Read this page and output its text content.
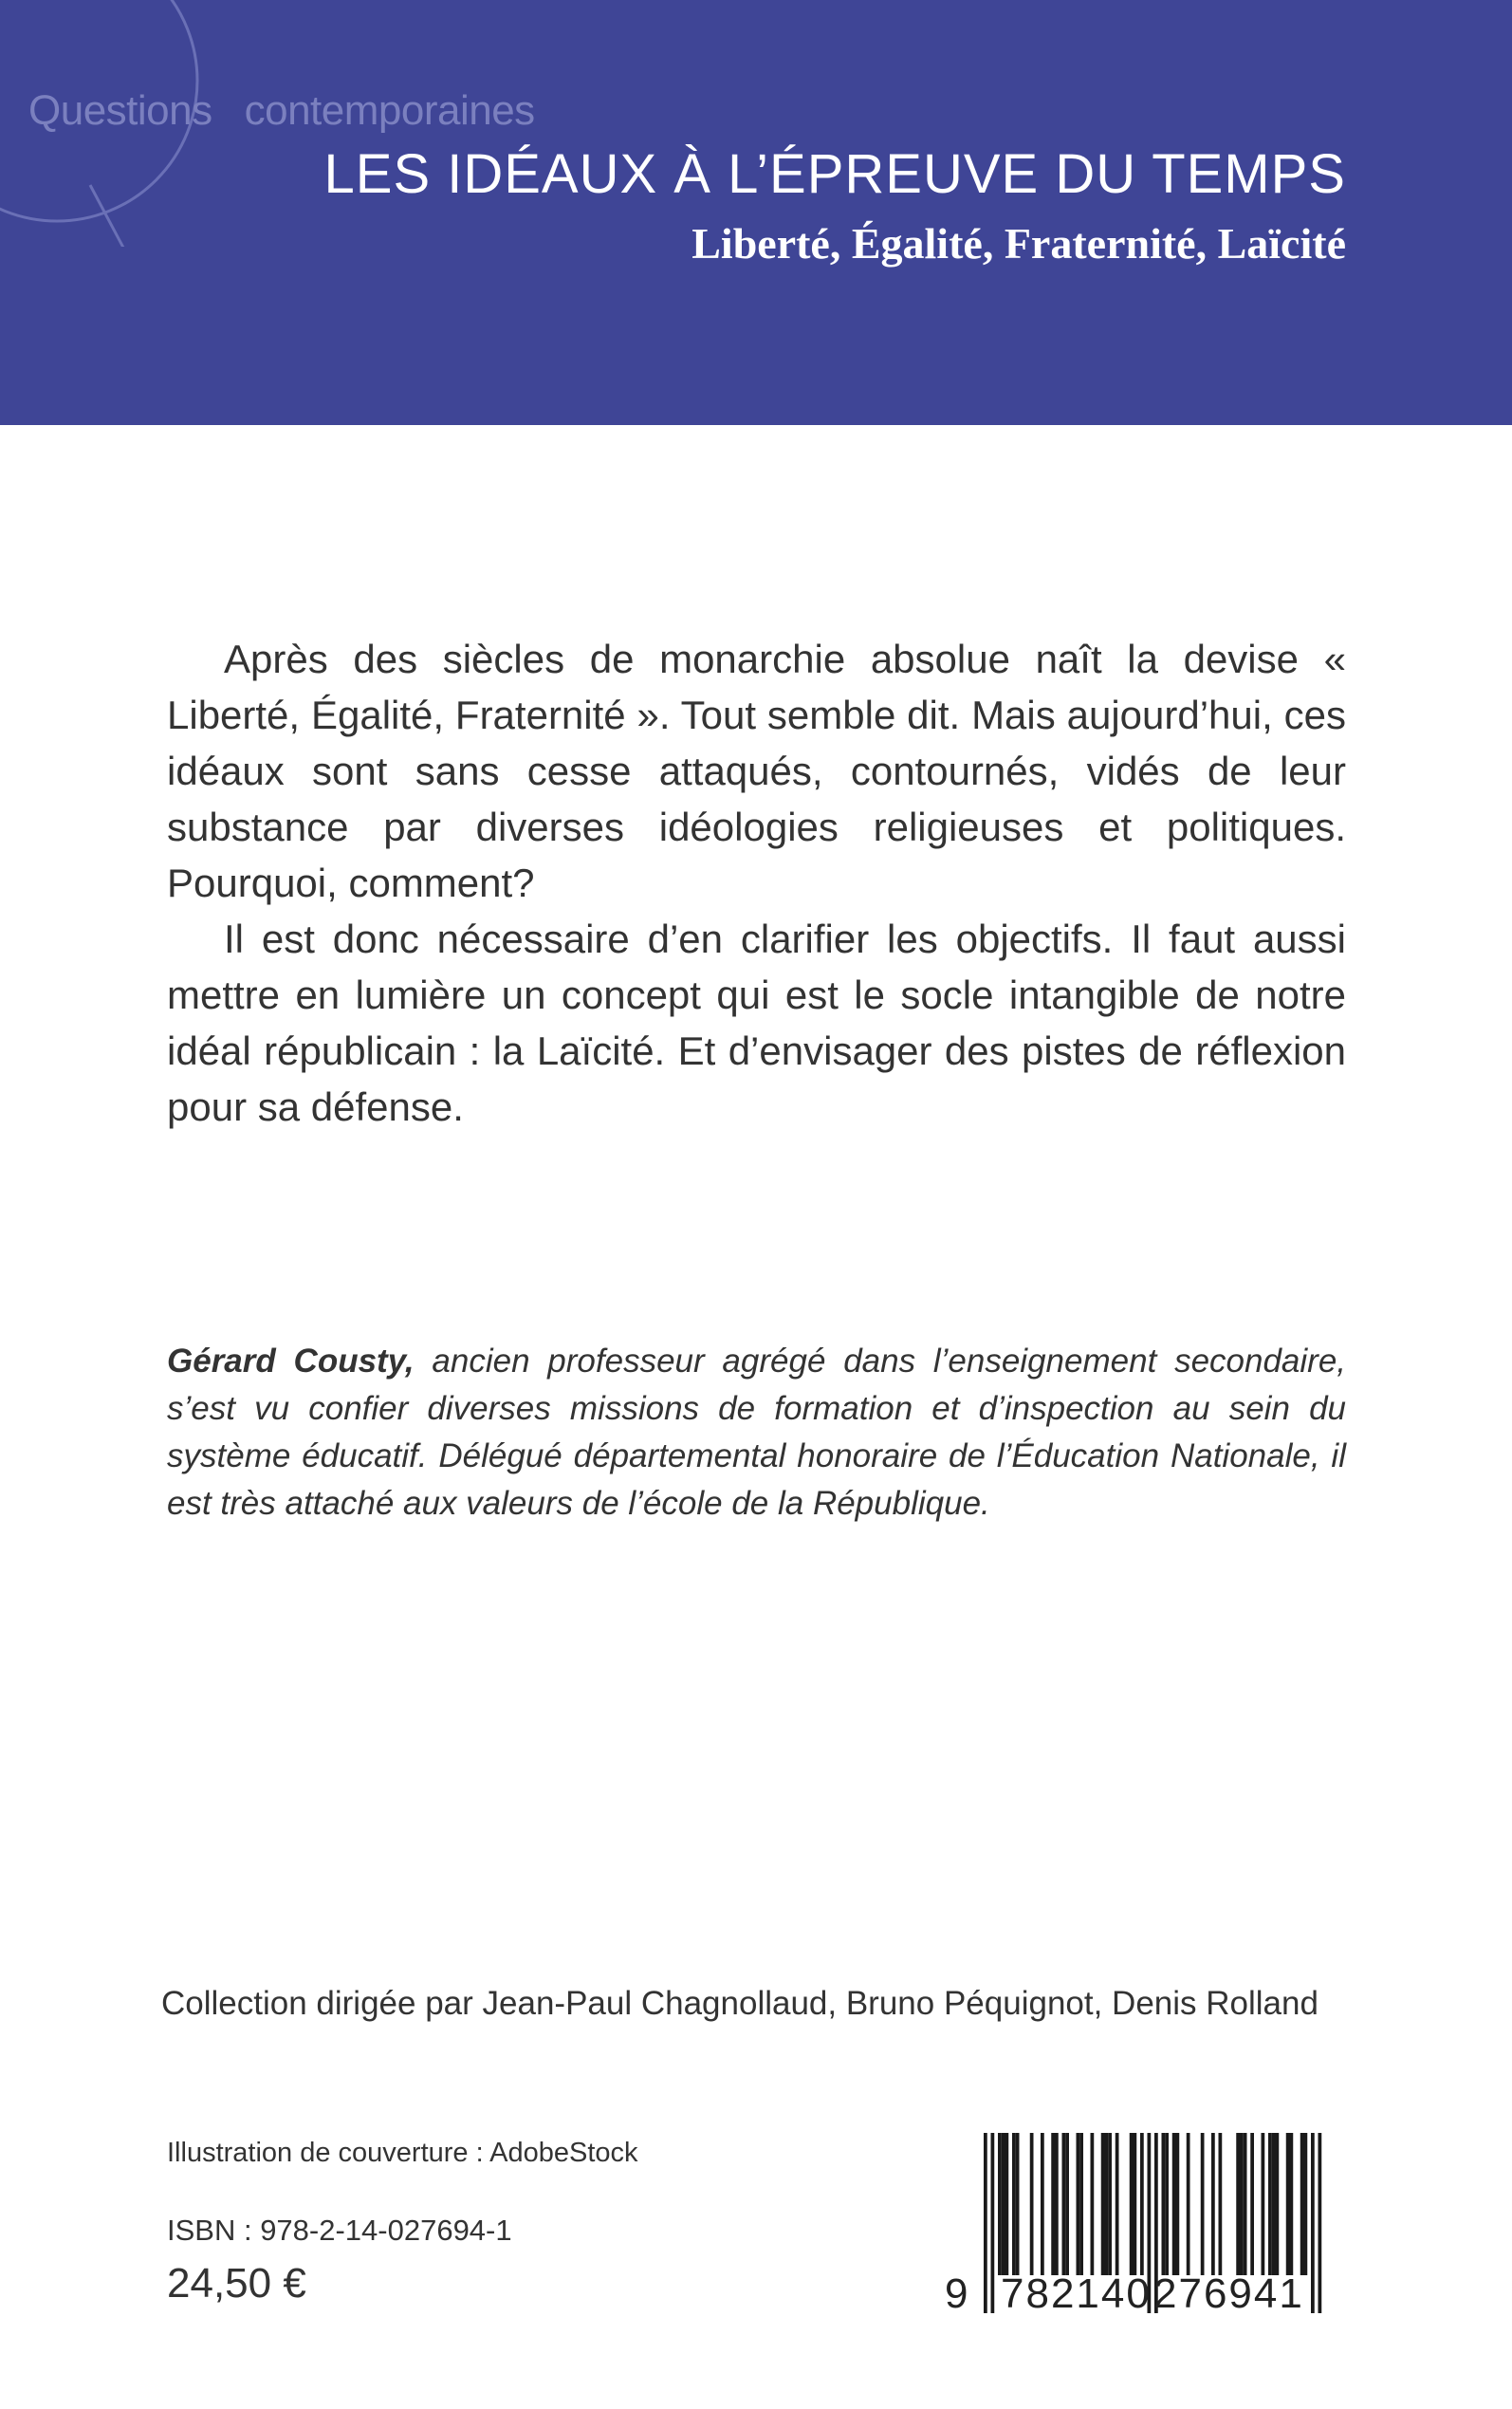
Questions contemporaines
LES IDÉAUX À L’ÉPREUVE DU TEMPS
Liberté, Égalité, Fraternité, Laïcité

Après des siècles de monarchie absolue naît la devise « Liberté, Égalité, Fraternité ». Tout semble dit. Mais aujourd’hui, ces idéaux sont sans cesse attaqués, contournés, vidés de leur substance par diverses idéologies religieuses et politiques. Pourquoi, comment?

Il est donc nécessaire d’en clarifier les objectifs. Il faut aussi mettre en lumière un concept qui est le socle intangible de notre idéal républicain : la Laïcité. Et d’envisager des pistes de réflexion pour sa défense.

Gérard Cousty, ancien professeur agrégé dans l’enseignement secondaire, s’est vu confier diverses missions de formation et d’inspection au sein du système éducatif. Délégué départemental honoraire de l’Éducation Nationale, il est très attaché aux valeurs de l’école de la République.
Collection dirigée par Jean-Paul Chagnollaud, Bruno Péquignot, Denis Rolland
Illustration de couverture : AdobeStock
ISBN : 978-2-14-027694-1
24,50 €	9 782140 276941
